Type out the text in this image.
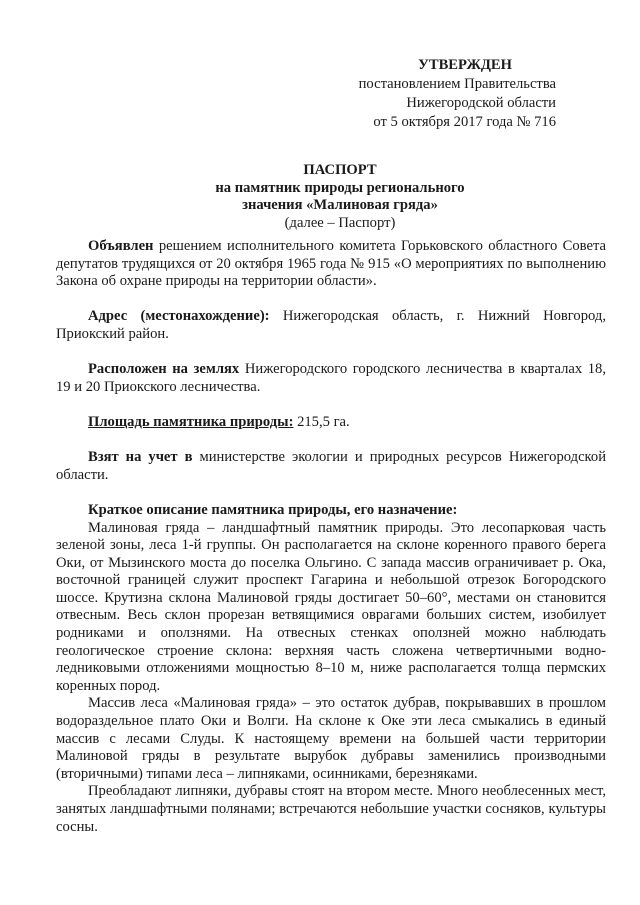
УТВЕРЖДЕН
постановлением Правительства
Нижегородской области
от 5 октября 2017 года № 716
ПАСПОРТ
на памятник природы регионального
значения «Малиновая гряда»
(далее – Паспорт)

Объявлен решением исполнительного комитета Горьковского областного Совета депутатов трудящихся от 20 октября 1965 года № 915 «О мероприятиях по выполнению Закона об охране природы на территории области».

Адрес (местонахождение): Нижегородская область, г. Нижний Новгород, Приокский район.

Расположен на землях Нижегородского городского лесничества в кварталах 18, 19 и 20 Приокского лесничества.

Площадь памятника природы: 215,5 га.

Взят на учет в министерстве экологии и природных ресурсов Нижегородской области.

Краткое описание памятника природы, его назначение:

Малиновая гряда – ландшафтный памятник природы. Это лесопарковая часть зеленой зоны, леса 1-й группы. Он располагается на склоне коренного правого берега Оки, от Мызинского моста до поселка Ольгино. С запада массив ограничивает р. Ока, восточной границей служит проспект Гагарина и небольшой отрезок Богородского шоссе. Крутизна склона Малиновой гряды достигает 50–60°, местами он становится отвесным. Весь склон прорезан ветвящимися оврагами больших систем, изобилует родниками и оползнями. На отвесных стенках оползней можно наблюдать геологическое строение склона: верхняя часть сложена четвертичными водно-ледниковыми отложениями мощностью 8–10 м, ниже располагается толща пермских коренных пород.

Массив леса «Малиновая гряда» – это остаток дубрав, покрывавших в прошлом водораздельное плато Оки и Волги. На склоне к Оке эти леса смыкались в единый массив с лесами Слуды. К настоящему времени на большей части территории Малиновой гряды в результате вырубок дубравы заменились производными (вторичными) типами леса – липняками, осинниками, березняками.

Преобладают липняки, дубравы стоят на втором месте. Много необлесенных мест, занятых ландшафтными полянами; встречаются небольшие участки сосняков, культуры сосны.
